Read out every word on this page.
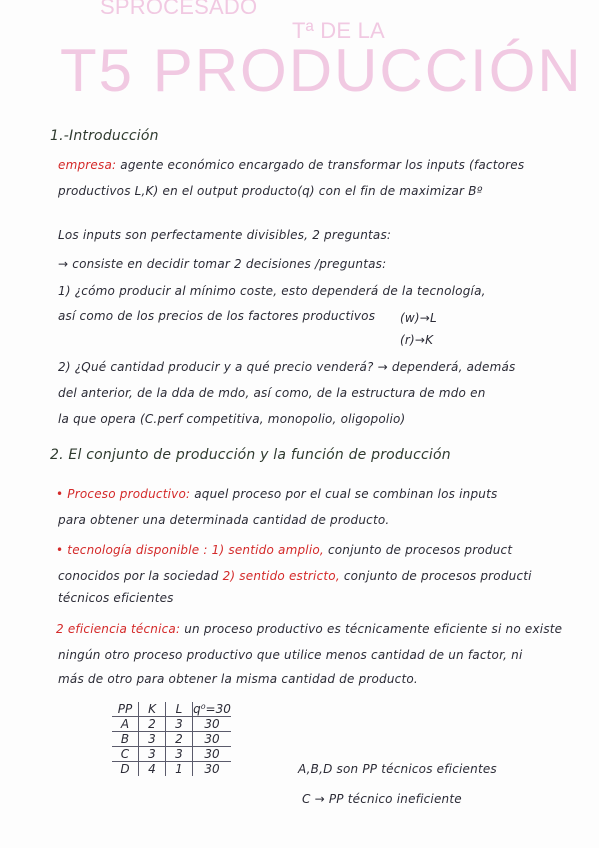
SPROCESADO
Tª DE LA
T5 PRODUCCIÓN
1.-Introducción
empresa: agente económico encargado de transformar los inputs (factores
productivos L,K) en el output producto(q) con el fin de maximizar Bº
Los inputs son perfectamente divisibles, 2 preguntas:
→ consiste en decidir tomar 2 decisiones /preguntas:
1) ¿cómo producir al mínimo coste, esto dependerá de la tecnología,
así como de los precios de los factores productivos (w)→L
(r)→K
2) ¿Qué cantidad producir y a qué precio venderá? → dependerá, además
del anterior, de la dda de mdo, así como, de la estructura de mdo en
la que opera (C.perf competitiva, monopolio, oligopolio)
2. El conjunto de producción y la función de producción
• Proceso productivo: aquel proceso por el cual se combinan los inputs
para obtener una determinada cantidad de producto.
• tecnología disponible : 1) sentido amplio, conjunto de procesos product
conocidos por la sociedad 2) sentido estricto, conjunto de procesos producti
técnicos eficientes
2 eficiencia técnica: un proceso productivo es técnicamente eficiente si no existe
ningún otro proceso productivo que utilice menos cantidad de un factor, ni
más de otro para obtener la misma cantidad de producto.
PP	K	L	q⁰=30
A	2	3	30
B	3	2	30
C	3	3	30
D	4	1	30	A,B,D son PP técnicos eficientes
C → PP técnico ineficiente
